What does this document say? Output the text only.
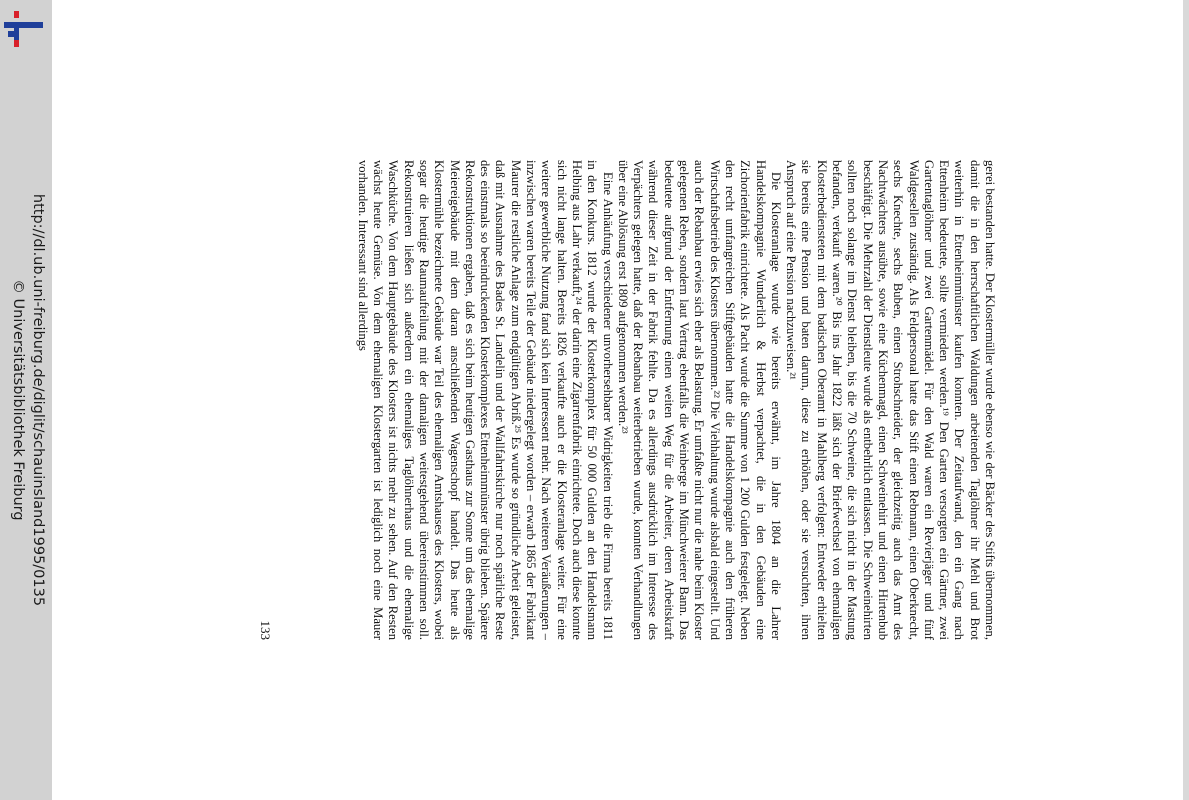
http://dl.ub.uni-freiburg.de/diglit/schauinsland1995/0135
© Universitätsbibliothek Freiburg	gerei bestanden hatte. Der Klostermüller wurde ebenso wie der Bäcker des Stifts übernommen, damit die in den herrschaftlichen Waldungen arbeitenden Taglöhner ihr Mehl und Brot weiterhin in Ettenheimmünster kaufen konnten. Der Zeitaufwand, den ein Gang nach Ettenheim bedeutete, sollte vermieden werden.¹⁹ Den Garten versorgten ein Gärtner, zwei Gartentaglöhner und zwei Gartenmädel. Für den Wald waren ein Revierjäger und fünf Waldgesellen zuständig. Als Feldpersonal hatte das Stift einen Rebmann, einen Oberknecht, sechs Knechte, sechs Buben, einen Strohschneider, der gleichzeitig auch das Amt des Nachtwächters ausübte, sowie eine Küchenmagd, einen Schweinehirt und einen Hirtenbub beschäftigt. Die Mehrzahl der Dienstleute wurde als entbehrlich entlassen. Die Schweinehirten sollten noch solange im Dienst bleiben, bis die 70 Schweine, die sich nicht in der Mastung befanden, verkauft waren.²⁰ Bis ins Jahr 1822 läßt sich der Briefwechsel von ehemaligen Klosterbediensteten mit dem badischen Oberamt in Mahlberg verfolgen: Entweder erhielten sie bereits eine Pension und baten darum, diese zu erhöhen, oder sie versuchten, ihren Anspruch auf eine Pension nachzuweisen.²¹

Die Klosteranlage wurde wie bereits erwähnt, im Jahre 1804 an die Lahrer Handelskompagnie Wunderlich & Herbst verpachtet, die in den Gebäuden eine Zichorienfabrik einrichtete. Als Pacht wurde die Summe von 1 200 Gulden festgelegt. Neben den recht umfangreichen Stiftgebäuden hatte die Handelskompagnie auch den früheren Wirtschaftsbetrieb des Klosters übernommen.²² Die Viehhaltung wurde alsbald eingestellt. Und auch der Rebanbau erwies sich eher als Belastung. Er umfaßte nicht nur die nahe beim Kloster gelegenen Reben, sondern laut Vertrag ebenfalls die Weinberge im Münchweierer Bann. Das bedeutete aufgrund der Entfernung einen weiten Weg für die Arbeiter, deren Arbeitskraft während dieser Zeit in der Fabrik fehlte. Da es allerdings ausdrücklich im Interesse des Verpächters gelegen hatte, daß der Rebanbau weiterbetrieben wurde, konnten Verhandlungen über eine Ablösung erst 1809 aufgenommen werden.²³

Eine Anhäufung verschiedener unvorhersehbarer Widrigkeiten trieb die Firma bereits 1811 in den Konkurs. 1812 wurde der Klosterkomplex für 50 000 Gulden an den Handelsmann Helbing aus Lahr verkauft,²⁴ der darin eine Zigarrenfabrik einrichtete. Doch auch diese konnte sich nicht lange halten. Bereits 1826 verkaufte auch er die Klosteranlage weiter. Für eine weitere gewerbliche Nutzung fand sich kein Interessent mehr. Nach weiteren Veräußerungen – inzwischen waren bereits Teile der Gebäude niedergelegt worden – erwarb 1865 der Fabrikant Maurer die restliche Anlage zum endgültigen Abriß.²⁵ Es wurde so gründliche Arbeit geleistet, daß mit Ausnahme des Bades St. Landelin und der Wallfahrtskirche nur noch spärliche Reste des einstmals so beeindruckenden Klosterkomplexes Ettenheimmünster übrig blieben. Spätere Rekonstruktionen ergaben, daß es sich beim heutigen Gasthaus zur Sonne um das ehemalige Meiereigebäude mit dem daran anschließenden Wagenschopf handelt. Das heute als Klostermühle bezeichnete Gebäude war Teil des ehemaligen Amtshauses des Klosters, wobei sogar die heutige Raumaufteilung mit der damaligen weitestgehend übereinstimmen soll. Rekonstruieren ließen sich außerdem ein ehemaliges Taglöhnerhaus und die ehemalige Waschküche. Von dem Hauptgebäude des Klosters ist nichts mehr zu sehen. Auf den Resten wächst heute Gemüse. Von dem ehemaligen Klostergarten ist lediglich noch eine Mauer vorhanden. Interessant sind allerdings

133
